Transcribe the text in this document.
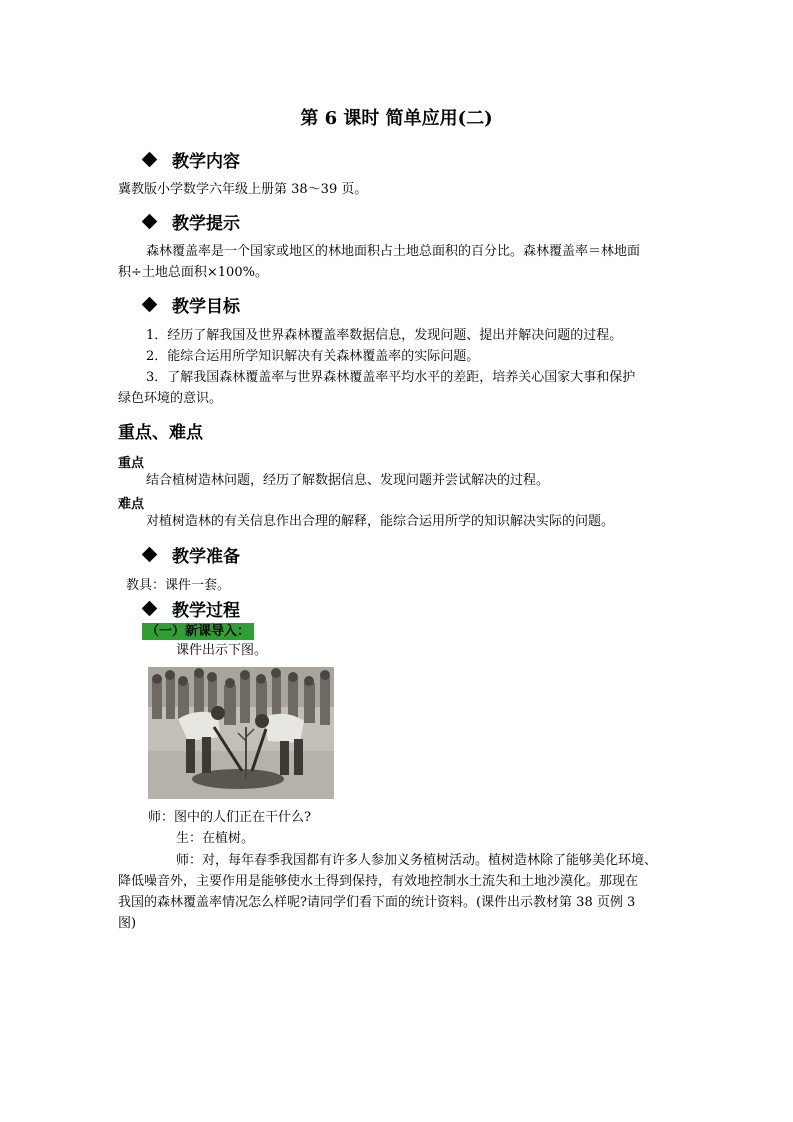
第 6 课时 简单应用(二)
教学内容
冀教版小学数学六年级上册第 38～39 页。
教学提示
森林覆盖率是一个国家或地区的林地面积占土地总面积的百分比。森林覆盖率＝林地面
积÷土地总面积×100%。
教学目标
1．经历了解我国及世界森林覆盖率数据信息，发现问题、提出并解决问题的过程。
2．能综合运用所学知识解决有关森林覆盖率的实际问题。
3．了解我国森林覆盖率与世界森林覆盖率平均水平的差距，培养关心国家大事和保护
绿色环境的意识。
重点、难点
重点
结合植树造林问题，经历了解数据信息、发现问题并尝试解决的过程。
难点
对植树造林的有关信息作出合理的解释，能综合运用所学的知识解决实际的问题。
教学准备
教具：课件一套。
教学过程
（一）新课导入：
课件出示下图。
师：图中的人们正在干什么?
生：在植树。
师：对，每年春季我国都有许多人参加义务植树活动。植树造林除了能够美化环境、
降低噪音外，主要作用是能够使水土得到保持，有效地控制水土流失和土地沙漠化。那现在
我国的森林覆盖率情况怎么样呢?请同学们看下面的统计资料。(课件出示教材第 38 页例 3
图)
